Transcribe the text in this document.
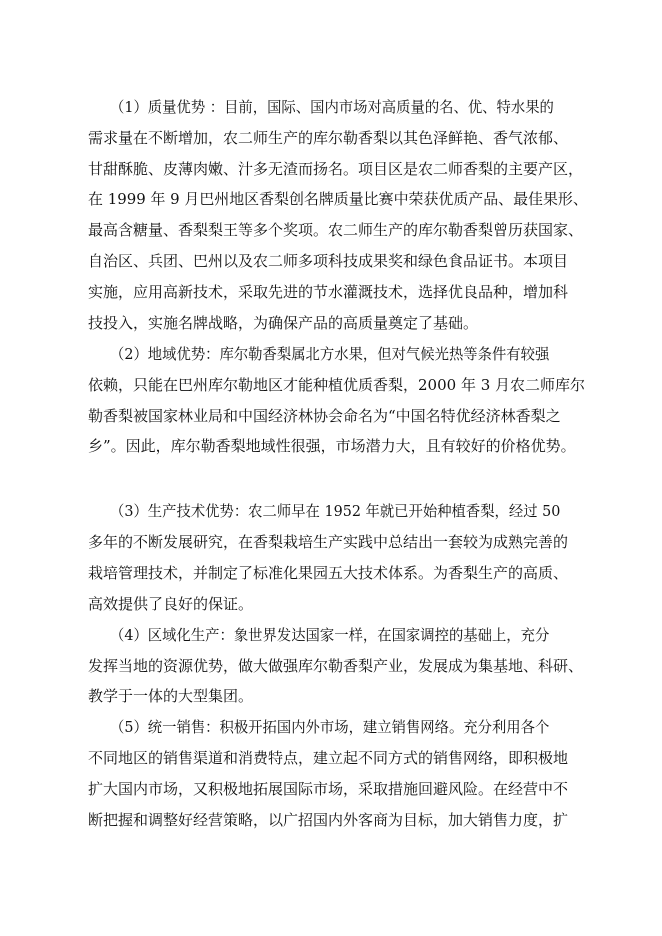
（1）质量优势 ：目前，国际、国内市场对高质量的名、优、特水果的
需求量在不断增加，农二师生产的库尔勒香梨以其色泽鲜艳、香气浓郁、
甘甜酥脆、皮薄肉嫩、汁多无渣而扬名。项目区是农二师香梨的主要产区，
在 1999 年 9 月巴州地区香梨创名牌质量比赛中荣获优质产品、最佳果形、
最高含糖量、香梨梨王等多个奖项。农二师生产的库尔勒香梨曾历获国家、
自治区、兵团、巴州以及农二师多项科技成果奖和绿色食品证书。本项目
实施，应用高新技术，采取先进的节水灌溉技术，选择优良品种，增加科
技投入，实施名牌战略，为确保产品的高质量奠定了基础。
（2）地域优势：库尔勒香梨属北方水果，但对气候光热等条件有较强
依赖，只能在巴州库尔勒地区才能种植优质香梨，2000 年 3 月农二师库尔
勒香梨被国家林业局和中国经济林协会命名为“中国名特优经济林香梨之
乡”。因此，库尔勒香梨地域性很强，市场潜力大，且有较好的价格优势。
（3）生产技术优势：农二师早在 1952 年就已开始种植香梨，经过 50
多年的不断发展研究，在香梨栽培生产实践中总结出一套较为成熟完善的
栽培管理技术，并制定了标准化果园五大技术体系。为香梨生产的高质、
高效提供了良好的保证。
（4）区域化生产：象世界发达国家一样，在国家调控的基础上，充分
发挥当地的资源优势，做大做强库尔勒香梨产业，发展成为集基地、科研、
教学于一体的大型集团。
（5）统一销售：积极开拓国内外市场，建立销售网络。充分利用各个
不同地区的销售渠道和消费特点，建立起不同方式的销售网络，即积极地
扩大国内市场，又积极地拓展国际市场，采取措施回避风险。在经营中不
断把握和调整好经营策略，以广招国内外客商为目标，加大销售力度，扩
